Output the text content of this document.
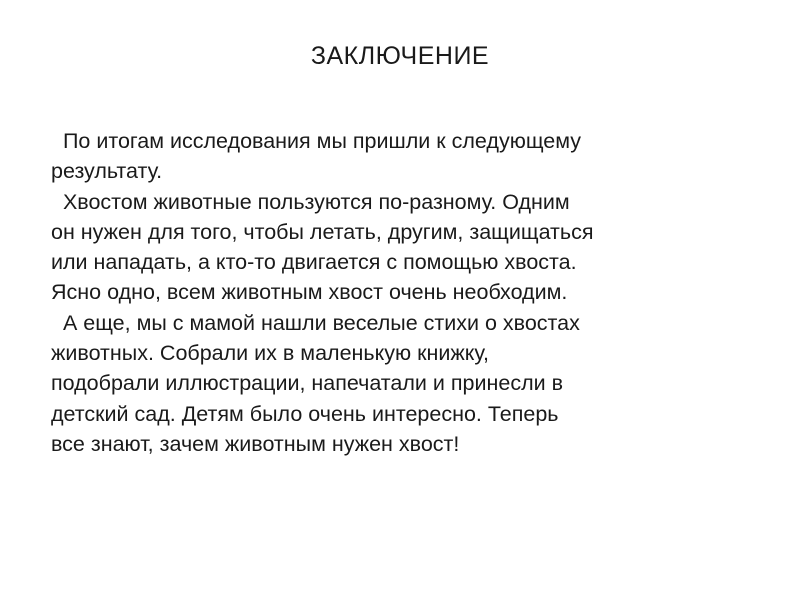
ЗАКЛЮЧЕНИЕ
По итогам исследования мы пришли к следующему
результату.
Хвостом животные пользуются по-разному. Одним
он нужен для того, чтобы летать, другим, защищаться
или нападать, а кто-то двигается с помощью хвоста.
Ясно одно, всем животным хвост очень необходим.
А еще, мы с мамой нашли веселые стихи о хвостах
животных. Собрали их в маленькую книжку,
подобрали иллюстрации, напечатали и принесли в
детский сад. Детям было очень интересно. Теперь
все знают, зачем животным нужен хвост!
